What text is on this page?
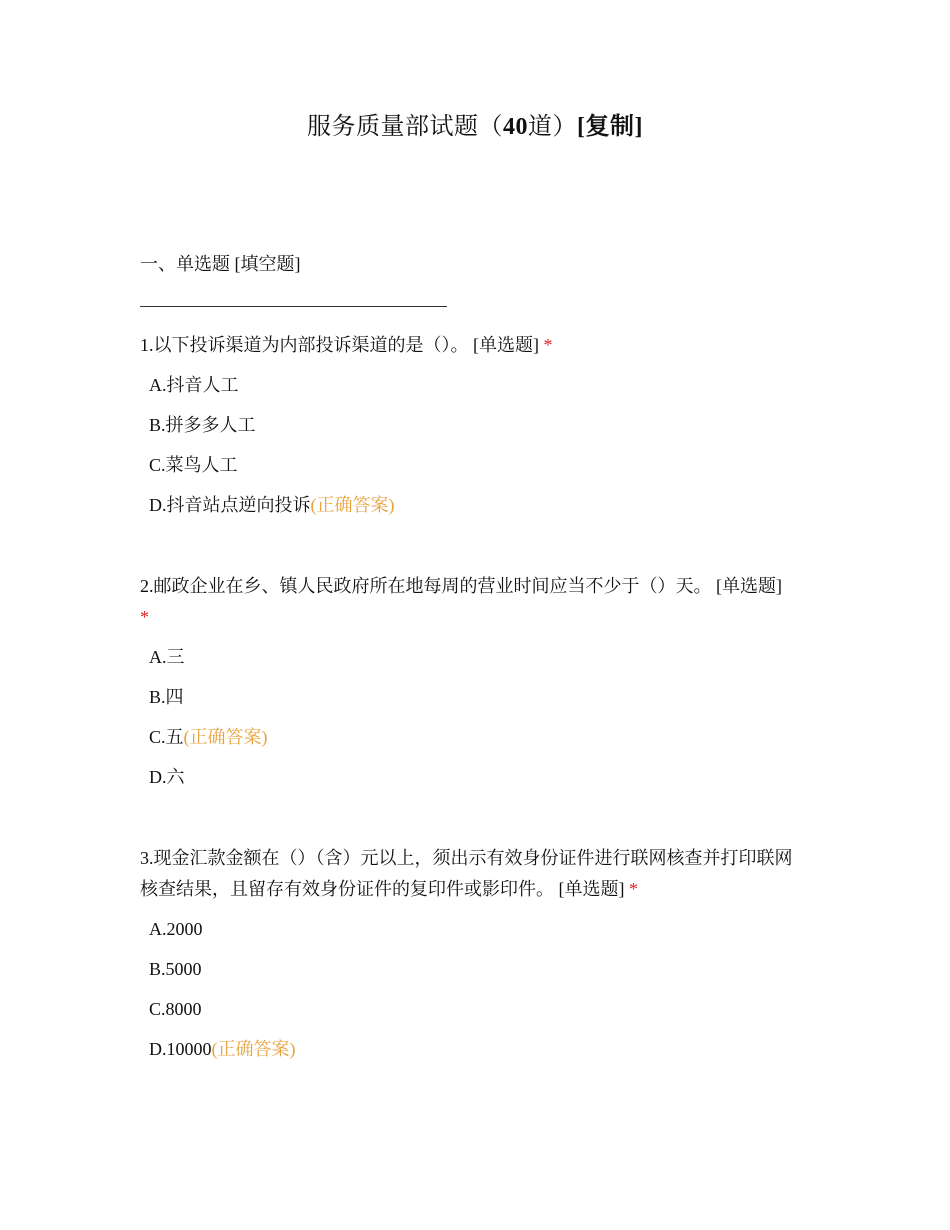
服务质量部试题（40道）[复制]
一、单选题 [填空题]

1.以下投诉渠道为内部投诉渠道的是（）。 [单选题] *

A.抖音人工
B.拼多多人工
C.菜鸟人工
D.抖音站点逆向投诉(正确答案)

2.邮政企业在乡、镇人民政府所在地每周的营业时间应当不少于（）天。 [单选题]
*

A.三
B.四
C.五(正确答案)
D.六

3.现金汇款金额在（）（含）元以上，须出示有效身份证件进行联网核查并打印联网核查结果，且留存有效身份证件的复印件或影印件。 [单选题] *

A.2000
B.5000
C.8000
D.10000(正确答案)
